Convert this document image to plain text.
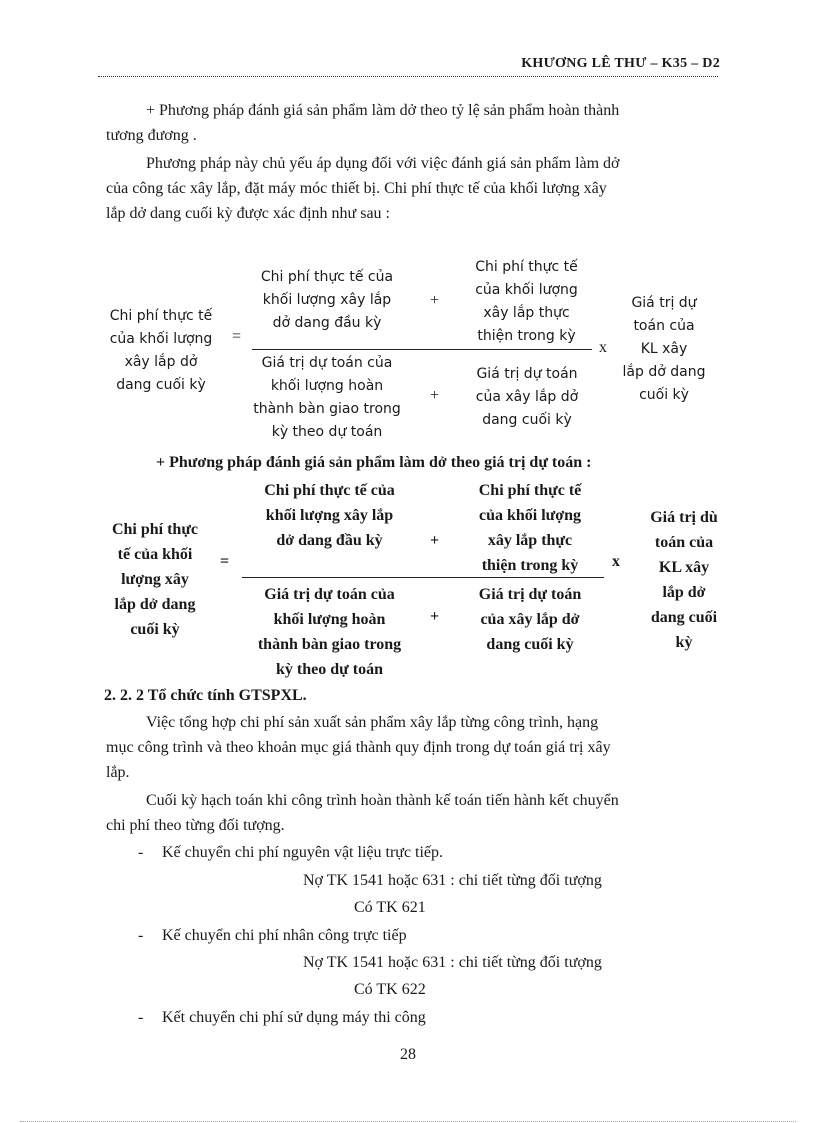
KHƯƠNG LÊ THƯ – K35 – D2
+ Phương pháp đánh giá sản phẩm làm dở theo tỷ lệ sản phẩm hoàn thành
tương đương .
Phương pháp này chủ yếu áp dụng đối với việc đánh giá sản phẩm làm dở
của công tác xây lắp, đặt máy móc thiết bị. Chi phí thực tế của khối lượng xây
lắp dở dang cuối kỳ được xác định như sau :
Chi phí thực tế
của khối lượng
xây lắp dở
dang cuối kỳ
=
Chi phí thực tế của
khối lượng xây lắp
dở dang đầu kỳ
+
Chi phí thực tế
của khối lượng
xây lắp thực
thiện trong kỳ
x
Giá trị dự toán của
khối lượng hoàn
thành bàn giao trong
kỳ theo dự toán
+
Giá trị dự toán
của xây lắp dở
dang cuối kỳ
Giá trị dự
toán của
KL xây
lắp dở dang
cuối kỳ
+ Phương pháp đánh giá sản phẩm làm dở theo giá trị dự toán :
Chi phí thực
tế của khối
lượng xây
lắp dở dang
cuối kỳ
=
Chi phí thực tế của
khối lượng xây lắp
dở dang đầu kỳ	+
Chi phí thực tế
của khối lượng
xây lắp thực
thiện trong kỳ	x
Giá trị dự toán của
khối lượng hoàn
thành bàn giao trong
kỳ theo dự toán
+
Giá trị dự toán
của xây lắp dở
dang cuối kỳ
Giá trị dù
toán của
KL xây
lắp dở
dang cuối
kỳ
2. 2. 2 Tổ chức tính GTSPXL.
Việc tổng hợp chi phí sản xuất sản phẩm xây lắp từng công trình, hạng
mục công trình và theo khoản mục giá thành quy định trong dự toán giá trị xây
lắp.
Cuối kỳ hạch toán khi công trình hoàn thành kế toán tiến hành kết chuyển
chi phí theo từng đối tượng.
- Kế chuyển chi phí nguyên vật liệu trực tiếp.
Nợ TK 1541 hoặc 631 : chi tiết từng đối tượng
Có TK 621
- Kế chuyển chi phí nhân công trực tiếp
Nợ TK 1541 hoặc 631 : chi tiết từng đối tượng
Có TK 622
- Kết chuyển chi phí sử dụng máy thi công
28
